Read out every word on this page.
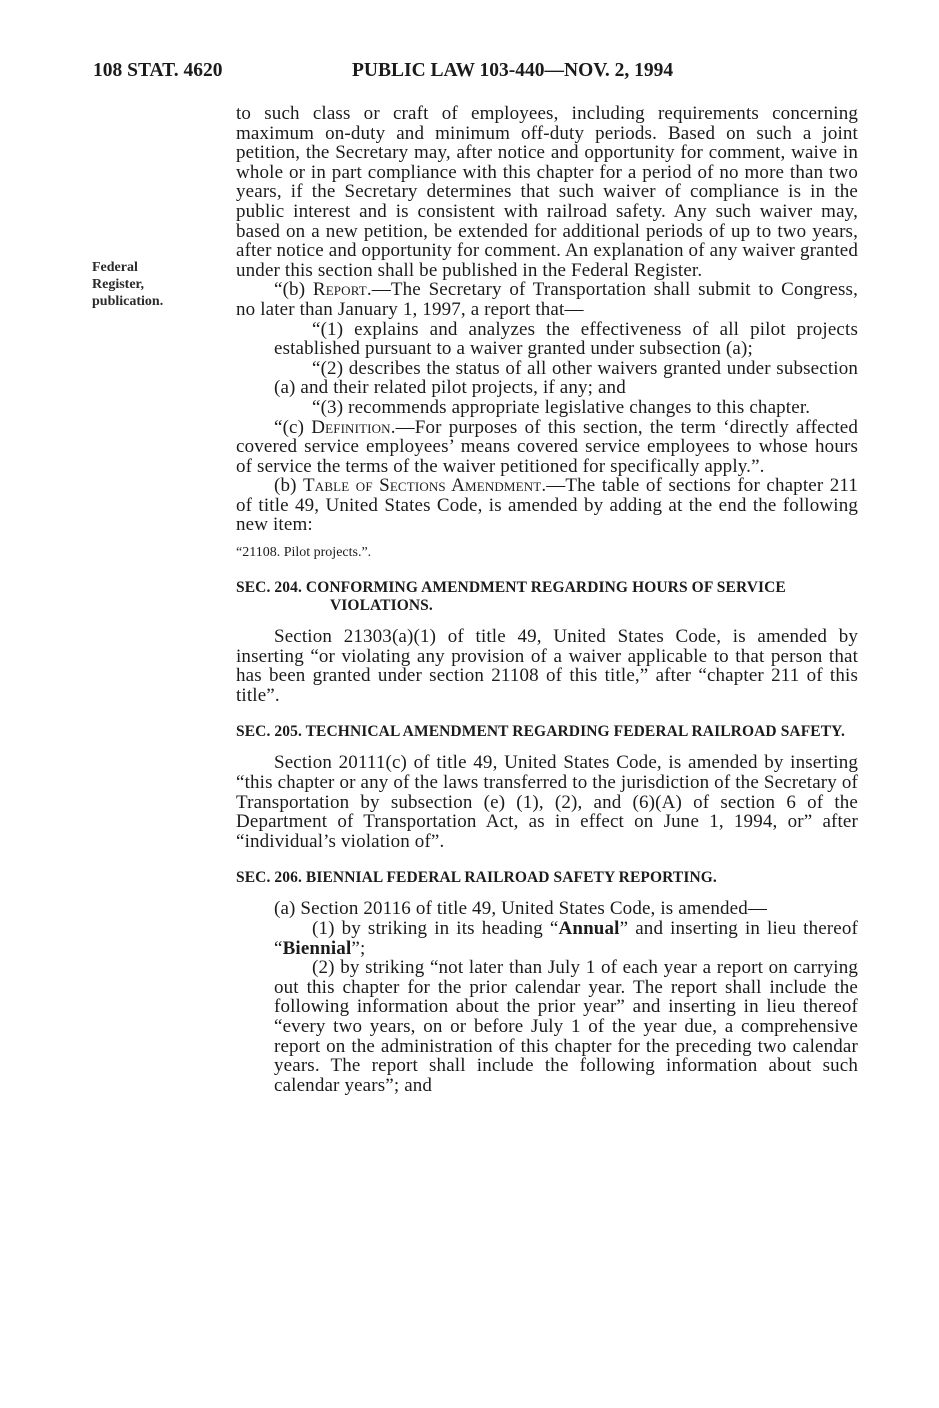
108 STAT. 4620	PUBLIC LAW 103-440—NOV. 2, 1994
Federal
Register,
publication.

to such class or craft of employees, including requirements concerning maximum on-duty and minimum off-duty periods. Based on such a joint petition, the Secretary may, after notice and opportunity for comment, waive in whole or in part compliance with this chapter for a period of no more than two years, if the Secretary determines that such waiver of compliance is in the public interest and is consistent with railroad safety. Any such waiver may, based on a new petition, be extended for additional periods of up to two years, after notice and opportunity for comment. An explanation of any waiver granted under this section shall be published in the Federal Register.

“(b) Report.—The Secretary of Transportation shall submit to Congress, no later than January 1, 1997, a report that—

“(1) explains and analyzes the effectiveness of all pilot projects established pursuant to a waiver granted under subsection (a);

“(2) describes the status of all other waivers granted under subsection (a) and their related pilot projects, if any; and

“(3) recommends appropriate legislative changes to this chapter.

“(c) Definition.—For purposes of this section, the term ‘directly affected covered service employees’ means covered service employees to whose hours of service the terms of the waiver petitioned for specifically apply.”.

(b) Table of Sections Amendment.—The table of sections for chapter 211 of title 49, United States Code, is amended by adding at the end the following new item:

“21108. Pilot projects.”.

SEC. 204. CONFORMING AMENDMENT REGARDING HOURS OF SERVICE VIOLATIONS.

Section 21303(a)(1) of title 49, United States Code, is amended by inserting “or violating any provision of a waiver applicable to that person that has been granted under section 21108 of this title,” after “chapter 211 of this title”.

SEC. 205. TECHNICAL AMENDMENT REGARDING FEDERAL RAILROAD SAFETY.

Section 20111(c) of title 49, United States Code, is amended by inserting “this chapter or any of the laws transferred to the jurisdiction of the Secretary of Transportation by subsection (e) (1), (2), and (6)(A) of section 6 of the Department of Transportation Act, as in effect on June 1, 1994, or” after “individual’s violation of”.

SEC. 206. BIENNIAL FEDERAL RAILROAD SAFETY REPORTING.

(a) Section 20116 of title 49, United States Code, is amended—

(1) by striking in its heading “Annual” and inserting in lieu thereof “Biennial”;

(2) by striking “not later than July 1 of each year a report on carrying out this chapter for the prior calendar year. The report shall include the following information about the prior year” and inserting in lieu thereof “every two years, on or before July 1 of the year due, a comprehensive report on the administration of this chapter for the preceding two calendar years. The report shall include the following information about such calendar years”; and
